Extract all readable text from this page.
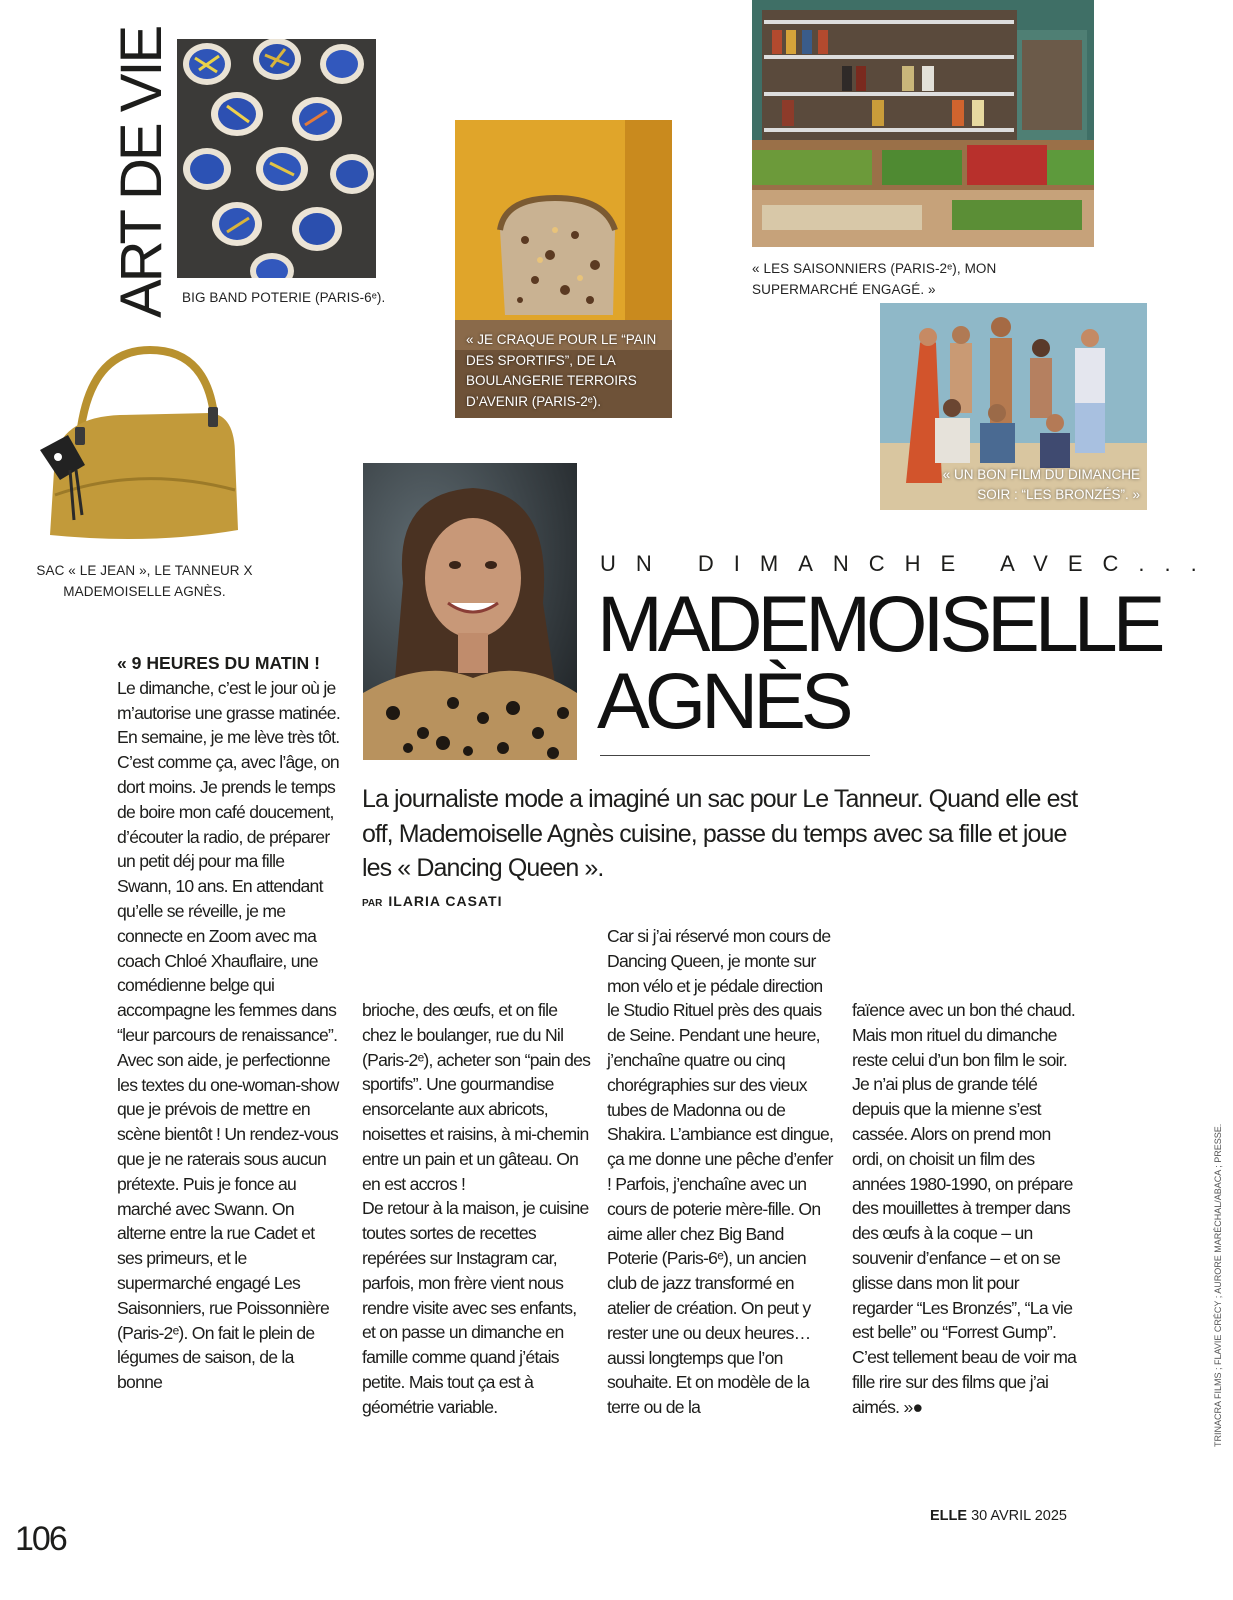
ART DE VIE BIG BAND POTERIE (PARIS-6ᵉ).
« JE CRAQUE POUR LE “PAIN DES SPORTIFS”, DE LA BOULANGERIE TERROIRS D’AVENIR (PARIS-2ᵉ).
« LES SAISONNIERS (PARIS-2ᵉ), MON SUPERMARCHÉ ENGAGÉ. »
« UN BON FILM DU DIMANCHE SOIR : “LES BRONZÉS”. »
SAC « LE JEAN », LE TANNEUR X MADEMOISELLE AGNÈS.
UN DIMANCHE AVEC...
MADEMOISELLE AGNÈS
La journaliste mode a imaginé un sac pour Le Tanneur. Quand elle est off, Mademoiselle Agnès cuisine, passe du temps avec sa fille et joue les « Dancing Queen ».
PAR ILARIA CASATI

« 9 HEURES DU MATIN !

Le dimanche, c’est le jour où je m’autorise une grasse matinée. En semaine, je me lève très tôt. C’est comme ça, avec l’âge, on dort moins. Je prends le temps de boire mon café doucement, d’écouter la radio, de préparer un petit déj pour ma fille Swann, 10 ans. En attendant qu’elle se réveille, je me connecte en Zoom avec ma coach Chloé Xhauflaire, une comédienne belge qui accompagne les femmes dans “leur parcours de renaissance”. Avec son aide, je perfectionne les textes du one-woman-show que je prévois de mettre en scène bientôt ! Un rendez-vous que je ne raterais sous aucun prétexte. Puis je fonce au marché avec Swann. On alterne entre la rue Cadet et ses primeurs, et le supermarché engagé Les Saisonniers, rue Poissonnière (Paris-2ᵉ). On fait le plein de légumes de saison, de la bonne

brioche, des œufs, et on file chez le boulanger, rue du Nil (Paris-2ᵉ), acheter son “pain des sportifs”. Une gourmandise ensorcelante aux abricots, noisettes et raisins, à mi-chemin entre un pain et un gâteau. On en est accros !

De retour à la maison, je cuisine toutes sortes de recettes repérées sur Instagram car, parfois, mon frère vient nous rendre visite avec ses enfants, et on passe un dimanche en famille comme quand j’étais petite. Mais tout ça est à géométrie variable.

Car si j’ai réservé mon cours de Dancing Queen, je monte sur mon vélo et je pédale direction le Studio Rituel près des quais de Seine. Pendant une heure, j’enchaîne quatre ou cinq chorégraphies sur des vieux tubes de Madonna ou de Shakira. L’ambiance est dingue, ça me donne une pêche d’enfer ! Parfois, j’enchaîne avec un cours de poterie mère-fille. On aime aller chez Big Band Poterie (Paris-6ᵉ), un ancien club de jazz transformé en atelier de création. On peut y rester une ou deux heures… aussi longtemps que l’on souhaite. Et on modèle de la terre ou de la

faïence avec un bon thé chaud. Mais mon rituel du dimanche reste celui d’un bon film le soir. Je n’ai plus de grande télé depuis que la mienne s’est cassée. Alors on prend mon ordi, on choisit un film des années 1980-1990, on prépare des mouillettes à tremper dans des œufs à la coque – un souvenir d’enfance – et on se glisse dans mon lit pour regarder “Les Bronzés”, “La vie est belle” ou “Forrest Gump”. C’est tellement beau de voir ma fille rire sur des films que j’ai aimés. »●	TRINACRA FILMS ; FLAVIE CRÉCY ; AURORE MARÉCHAL/ABACA ; PRESSE.
106
ELLE 30 AVRIL 2025
